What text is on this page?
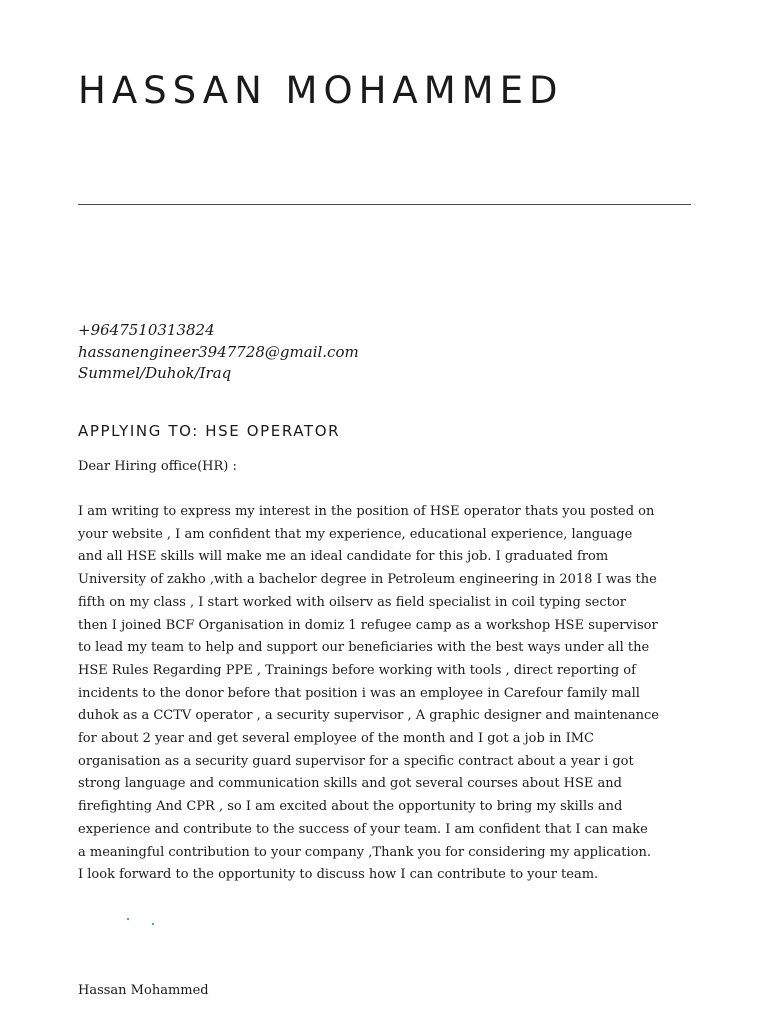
HASSAN MOHAMMED
+9647510313824
hassanengineer3947728@gmail.com
Summel/Duhok/Iraq
APPLYING TO: HSE OPERATOR
Dear Hiring office(HR) :
I am writing to express my interest in the position of HSE operator thats you posted on
your website , I am confident that my experience, educational experience, language
and all HSE skills will make me an ideal candidate for this job. I graduated from
University of zakho ,with a bachelor degree in Petroleum engineering in 2018 I was the
fifth on my class , I start worked with oilserv as field specialist in coil typing sector
then I joined BCF Organisation in domiz 1 refugee camp as a workshop HSE supervisor
to lead my team to help and support our beneficiaries with the best ways under all the
HSE Rules Regarding PPE , Trainings before working with tools , direct reporting of
incidents to the donor before that position i was an employee in Carefour family mall
duhok as a CCTV operator , a security supervisor , A graphic designer and maintenance
for about 2 year and get several employee of the month and I got a job in IMC
organisation as a security guard supervisor for a specific contract about a year i got
strong language and communication skills and got several courses about HSE and
firefighting And CPR , so I am excited about the opportunity to bring my skills and
experience and contribute to the success of your team. I am confident that I can make
a meaningful contribution to your company ,Thank you for considering my application.
I look forward to the opportunity to discuss how I can contribute to your team.
Hassan Mohammed
